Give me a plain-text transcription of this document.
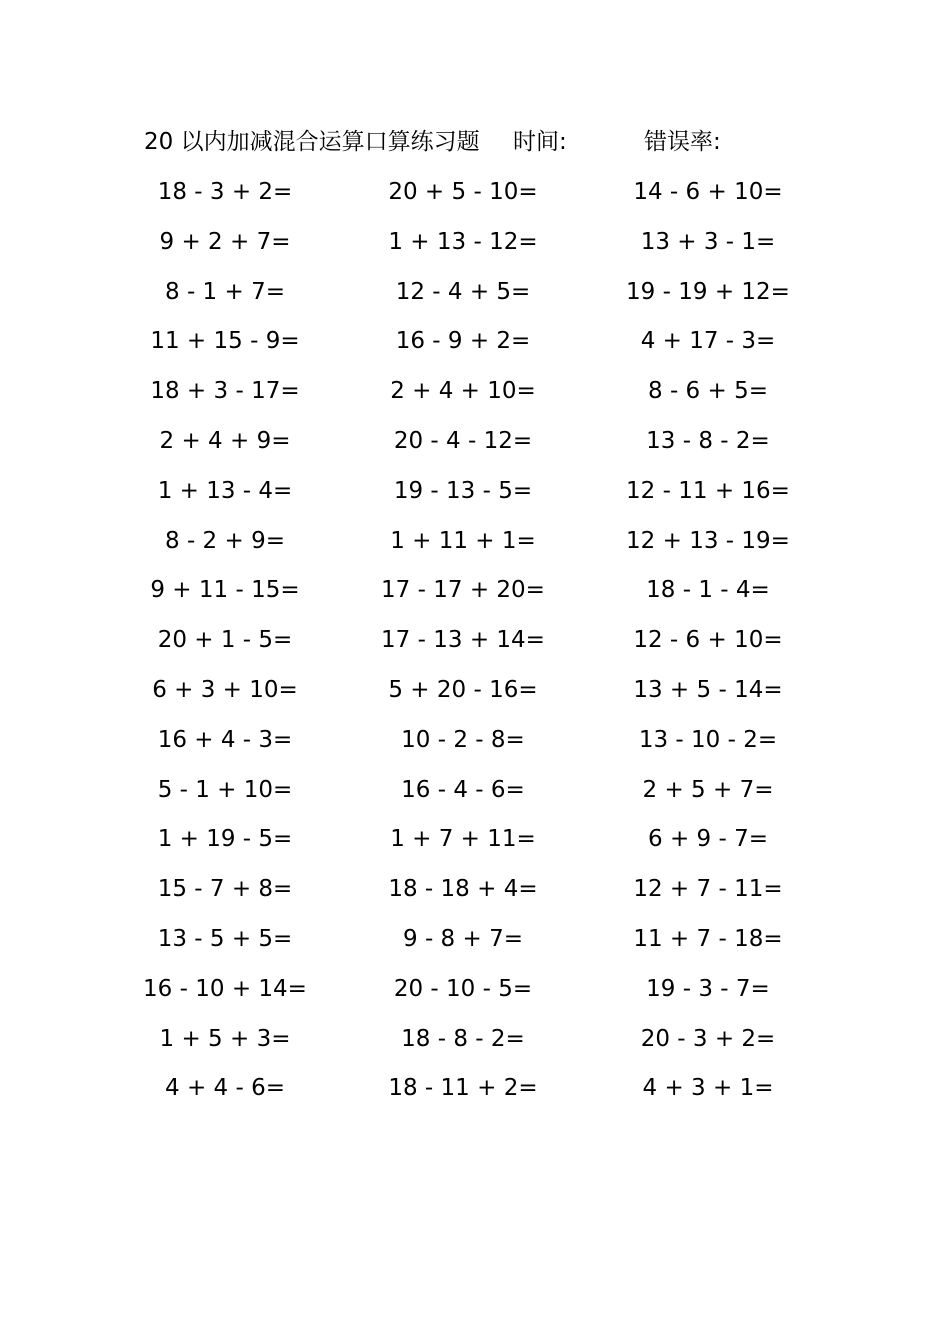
20 以内加减混合运算口算练习题 时间:	错误率:
18 - 3 + 2=	20 + 5 - 10=	14 - 6 + 10=
9 + 2 + 7=	1 + 13 - 12=	13 + 3 - 1=
8 - 1 + 7=	12 - 4 + 5=	19 - 19 + 12=
11 + 15 - 9=	16 - 9 + 2=	4 + 17 - 3=
18 + 3 - 17=	2 + 4 + 10=	8 - 6 + 5=
2 + 4 + 9=	20 - 4 - 12=	13 - 8 - 2=
1 + 13 - 4=	19 - 13 - 5=	12 - 11 + 16=
8 - 2 + 9=	1 + 11 + 1=	12 + 13 - 19=
9 + 11 - 15=	17 - 17 + 20=	18 - 1 - 4=
20 + 1 - 5=	17 - 13 + 14=	12 - 6 + 10=
6 + 3 + 10=	5 + 20 - 16=	13 + 5 - 14=
16 + 4 - 3=	10 - 2 - 8=	13 - 10 - 2=
5 - 1 + 10=	16 - 4 - 6=	2 + 5 + 7=
1 + 19 - 5=	1 + 7 + 11=	6 + 9 - 7=
15 - 7 + 8=	18 - 18 + 4=	12 + 7 - 11=
13 - 5 + 5=	9 - 8 + 7=	11 + 7 - 18=
16 - 10 + 14=	20 - 10 - 5=	19 - 3 - 7=
1 + 5 + 3=	18 - 8 - 2=	20 - 3 + 2=
4 + 4 - 6=	18 - 11 + 2=	4 + 3 + 1=
